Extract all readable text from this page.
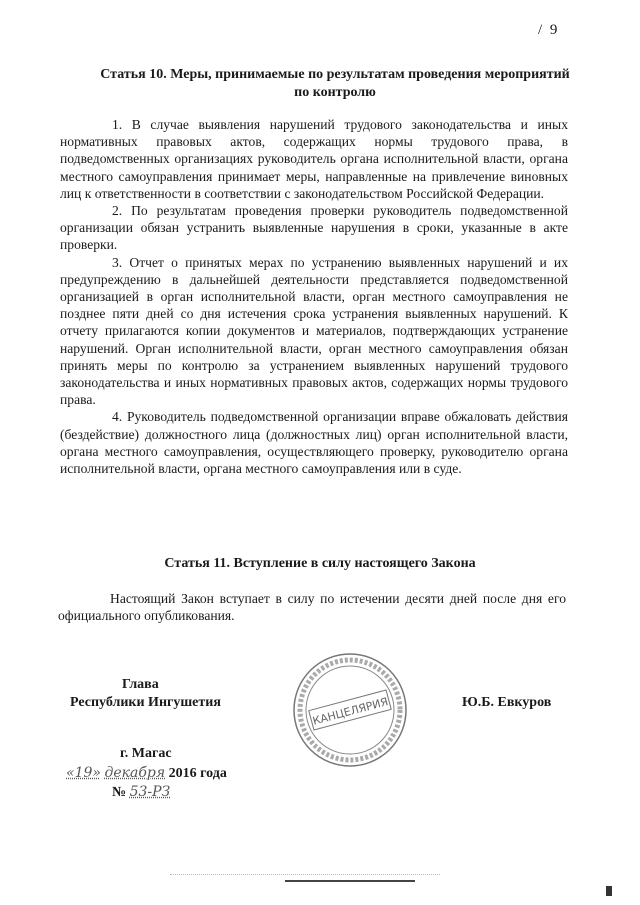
/ 9
Статья 10. Меры, принимаемые по результатам проведения мероприятий по контролю

1. В случае выявления нарушений трудового законодательства и иных нормативных правовых актов, содержащих нормы трудового права, в подведомственных организациях руководитель органа исполнительной власти, органа местного самоуправления принимает меры, направленные на привлечение виновных лиц к ответственности в соответствии с законодательством Российской Федерации.

2. По результатам проведения проверки руководитель подведомственной организации обязан устранить выявленные нарушения в сроки, указанные в акте проверки.

3. Отчет о принятых мерах по устранению выявленных нарушений и их предупреждению в дальнейшей деятельности представляется подведомственной организацией в орган исполнительной власти, орган местного самоуправления не позднее пяти дней со дня истечения срока устранения выявленных нарушений. К отчету прилагаются копии документов и материалов, подтверждающих устранение нарушений. Орган исполнительной власти, орган местного самоуправления обязан принять меры по контролю за устранением выявленных нарушений трудового законодательства и иных нормативных правовых актов, содержащих нормы трудового права.

4. Руководитель подведомственной организации вправе обжаловать действия (бездействие) должностного лица (должностных лиц) орган исполнительной власти, органа местного самоуправления, осуществляющего проверку, руководителю органа исполнительной власти, органа местного самоуправления или в суде.

Статья 11. Вступление в силу настоящего Закона

Настоящий Закон вступает в силу по истечении десяти дней после дня его официального опубликования.

Глава
Республики Ингушетия	Ю.Б. Евкуров
КАНЦЕЛЯРИЯ
г. Магас
«19» декабря 2016 года
№ 53-РЗ
